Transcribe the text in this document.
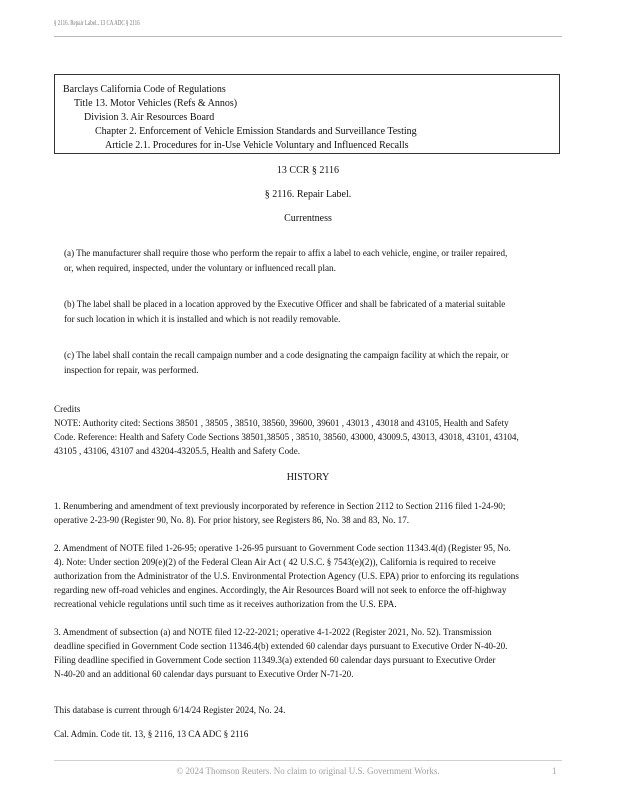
§ 2116. Repair Label., 13 CA ADC § 2116
Barclays California Code of Regulations
Title 13. Motor Vehicles (Refs & Annos)
Division 3. Air Resources Board
Chapter 2. Enforcement of Vehicle Emission Standards and Surveillance Testing
Article 2.1. Procedures for in-Use Vehicle Voluntary and Influenced Recalls
13 CCR § 2116
§ 2116. Repair Label.
Currentness
(a) The manufacturer shall require those who perform the repair to affix a label to each vehicle, engine, or trailer repaired,
or, when required, inspected, under the voluntary or influenced recall plan.
(b) The label shall be placed in a location approved by the Executive Officer and shall be fabricated of a material suitable
for such location in which it is installed and which is not readily removable.
(c) The label shall contain the recall campaign number and a code designating the campaign facility at which the repair, or
inspection for repair, was performed.
Credits
NOTE: Authority cited: Sections 38501 , 38505 , 38510, 38560, 39600, 39601 , 43013 , 43018 and 43105, Health and Safety
Code. Reference: Health and Safety Code Sections 38501,38505 , 38510, 38560, 43000, 43009.5, 43013, 43018, 43101, 43104,
43105 , 43106, 43107 and 43204-43205.5, Health and Safety Code.
HISTORY
1. Renumbering and amendment of text previously incorporated by reference in Section 2112 to Section 2116 filed 1-24-90;
operative 2-23-90 (Register 90, No. 8). For prior history, see Registers 86, No. 38 and 83, No. 17.
2. Amendment of NOTE filed 1-26-95; operative 1-26-95 pursuant to Government Code section 11343.4(d) (Register 95, No.
4). Note: Under section 209(e)(2) of the Federal Clean Air Act ( 42 U.S.C. § 7543(e)(2)), California is required to receive
authorization from the Administrator of the U.S. Environmental Protection Agency (U.S. EPA) prior to enforcing its regulations
regarding new off-road vehicles and engines. Accordingly, the Air Resources Board will not seek to enforce the off-highway
recreational vehicle regulations until such time as it receives authorization from the U.S. EPA.
3. Amendment of subsection (a) and NOTE filed 12-22-2021; operative 4-1-2022 (Register 2021, No. 52). Transmission
deadline specified in Government Code section 11346.4(b) extended 60 calendar days pursuant to Executive Order N-40-20.
Filing deadline specified in Government Code section 11349.3(a) extended 60 calendar days pursuant to Executive Order
N-40-20 and an additional 60 calendar days pursuant to Executive Order N-71-20.
This database is current through 6/14/24 Register 2024, No. 24.
Cal. Admin. Code tit. 13, § 2116, 13 CA ADC § 2116
© 2024 Thomson Reuters. No claim to original U.S. Government Works.	1
